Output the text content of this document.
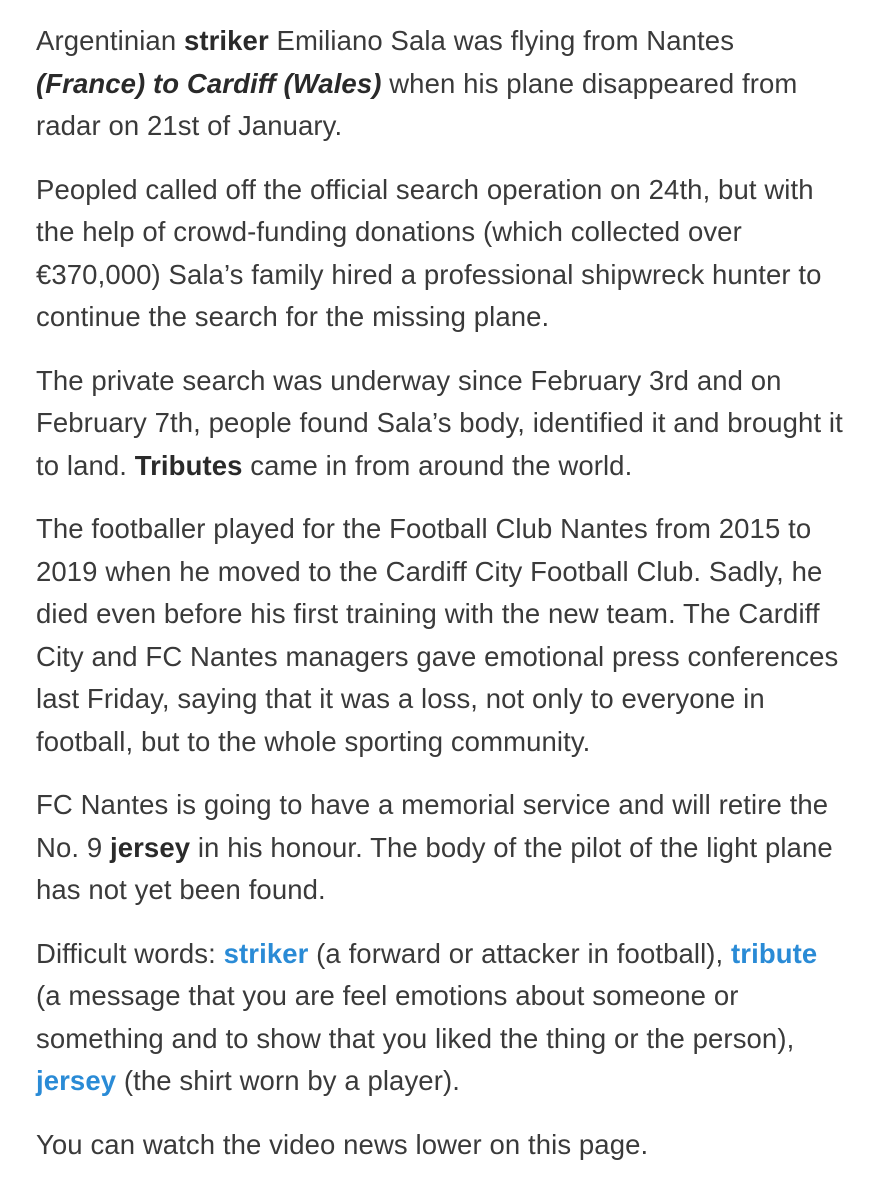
Argentinian striker Emiliano Sala was flying from Nantes (France) to Cardiff (Wales) when his plane disappeared from radar on 21st of January.

Peopled called off the official search operation on 24th, but with the help of crowd-funding donations (which collected over €370,000) Sala’s family hired a professional shipwreck hunter to continue the search for the missing plane.

The private search was underway since February 3rd and on February 7th, people found Sala’s body, identified it and brought it to land. Tributes came in from around the world.

The footballer played for the Football Club Nantes from 2015 to 2019 when he moved to the Cardiff City Football Club. Sadly, he died even before his first training with the new team. The Cardiff City and FC Nantes managers gave emotional press conferences last Friday, saying that it was a loss, not only to everyone in football, but to the whole sporting community.

FC Nantes is going to have a memorial service and will retire the No. 9 jersey in his honour. The body of the pilot of the light plane has not yet been found.

Difficult words: striker (a forward or attacker in football), tribute (a message that you are feel emotions about someone or something and to show that you liked the thing or the person), jersey (the shirt worn by a player).

You can watch the video news lower on this page.
